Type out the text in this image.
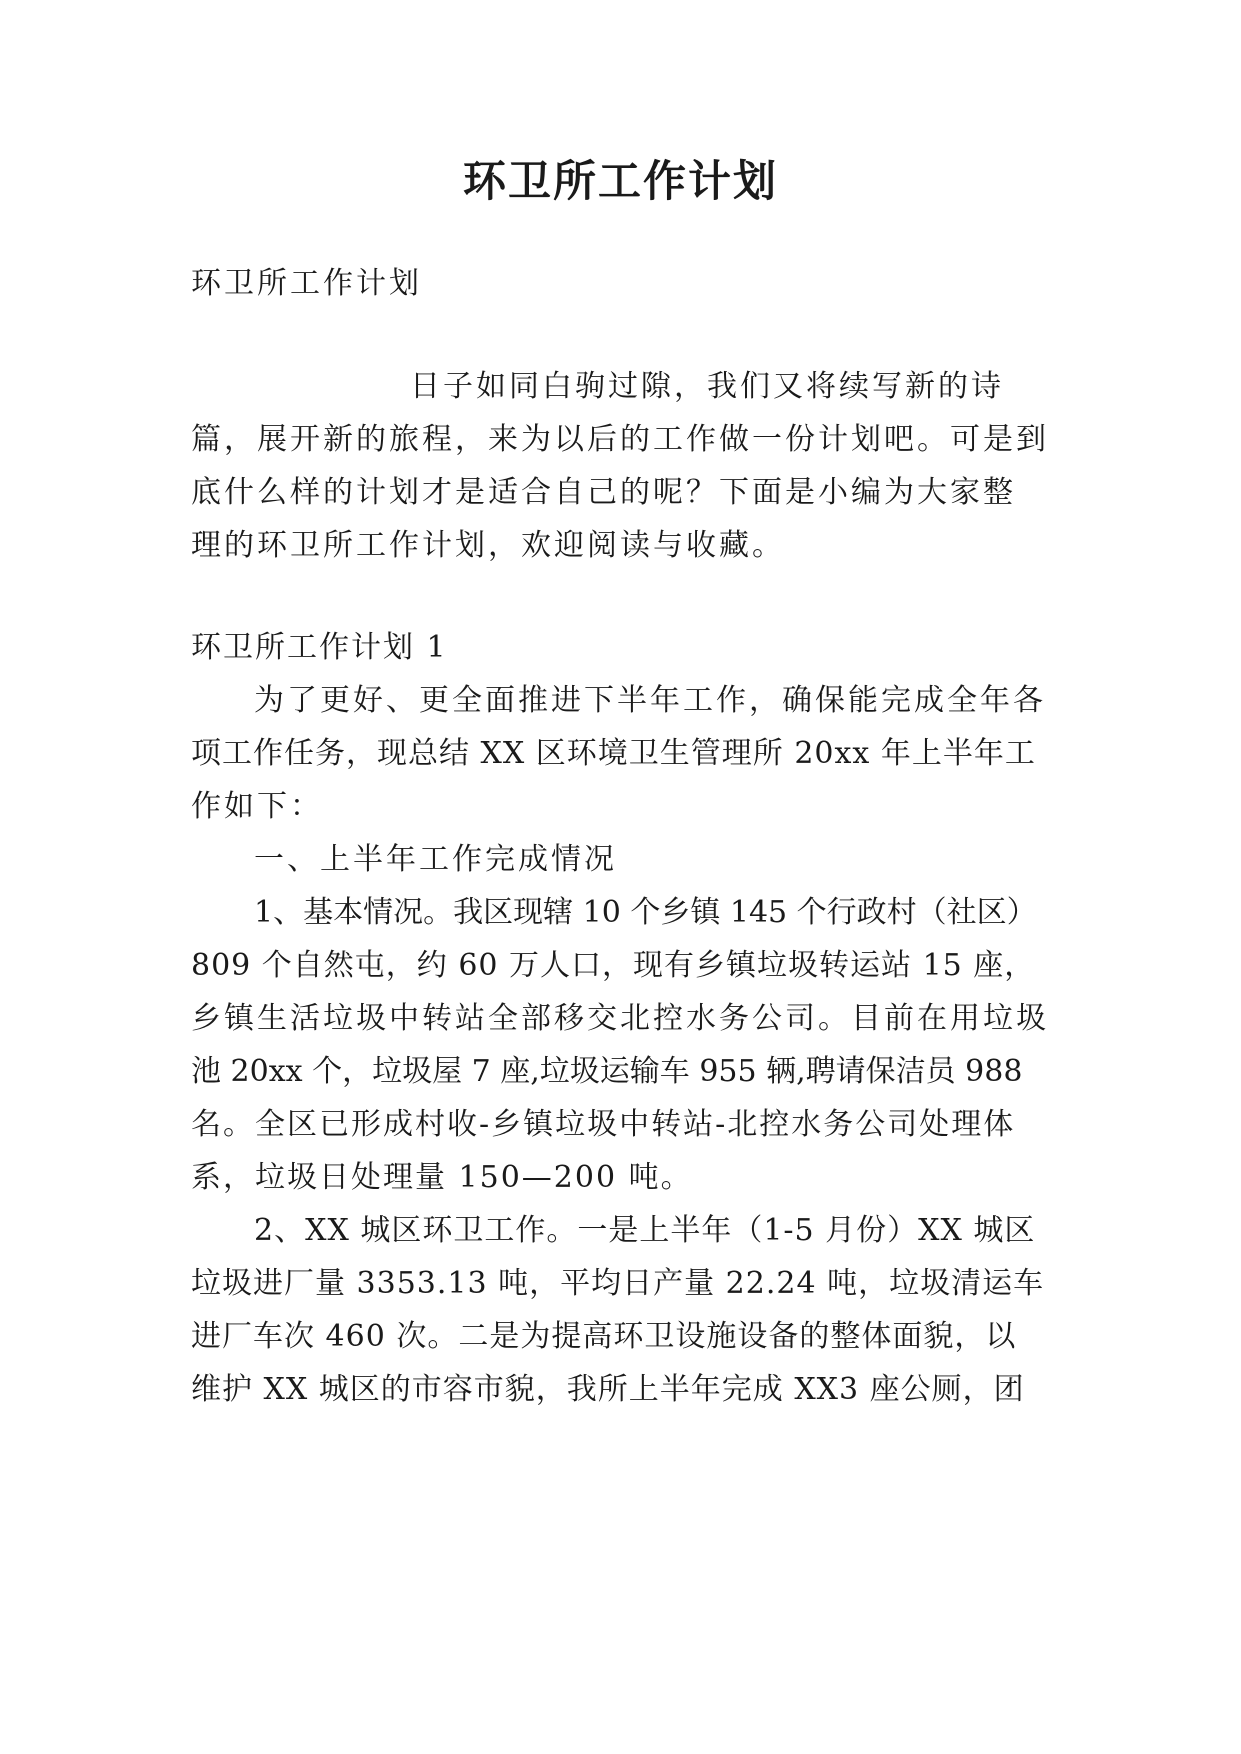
环卫所工作计划

环卫所工作计划

日子如同白驹过隙，我们又将续写新的诗

篇，展开新的旅程，来为以后的工作做一份计划吧。可是到

底什么样的计划才是适合自己的呢？下面是小编为大家整

理的环卫所工作计划，欢迎阅读与收藏。

环卫所工作计划 1

为了更好、更全面推进下半年工作，确保能完成全年各

项工作任务，现总结 XX 区环境卫生管理所 20xx 年上半年工

作如下：

一、上半年工作完成情况

1、基本情况。我区现辖 10 个乡镇 145 个行政村（社区）

809 个自然屯，约 60 万人口，现有乡镇垃圾转运站 15 座，

乡镇生活垃圾中转站全部移交北控水务公司。目前在用垃圾

池 20xx 个，垃圾屋 7 座,垃圾运输车 955 辆,聘请保洁员 988

名。全区已形成村收-乡镇垃圾中转站-北控水务公司处理体

系，垃圾日处理量 150—200 吨。

2、XX 城区环卫工作。一是上半年（1-5 月份）XX 城区

垃圾进厂量 3353.13 吨，平均日产量 22.24 吨，垃圾清运车

进厂车次 460 次。二是为提高环卫设施设备的整体面貌，以

维护 XX 城区的市容市貌，我所上半年完成 XX3 座公厕，团
